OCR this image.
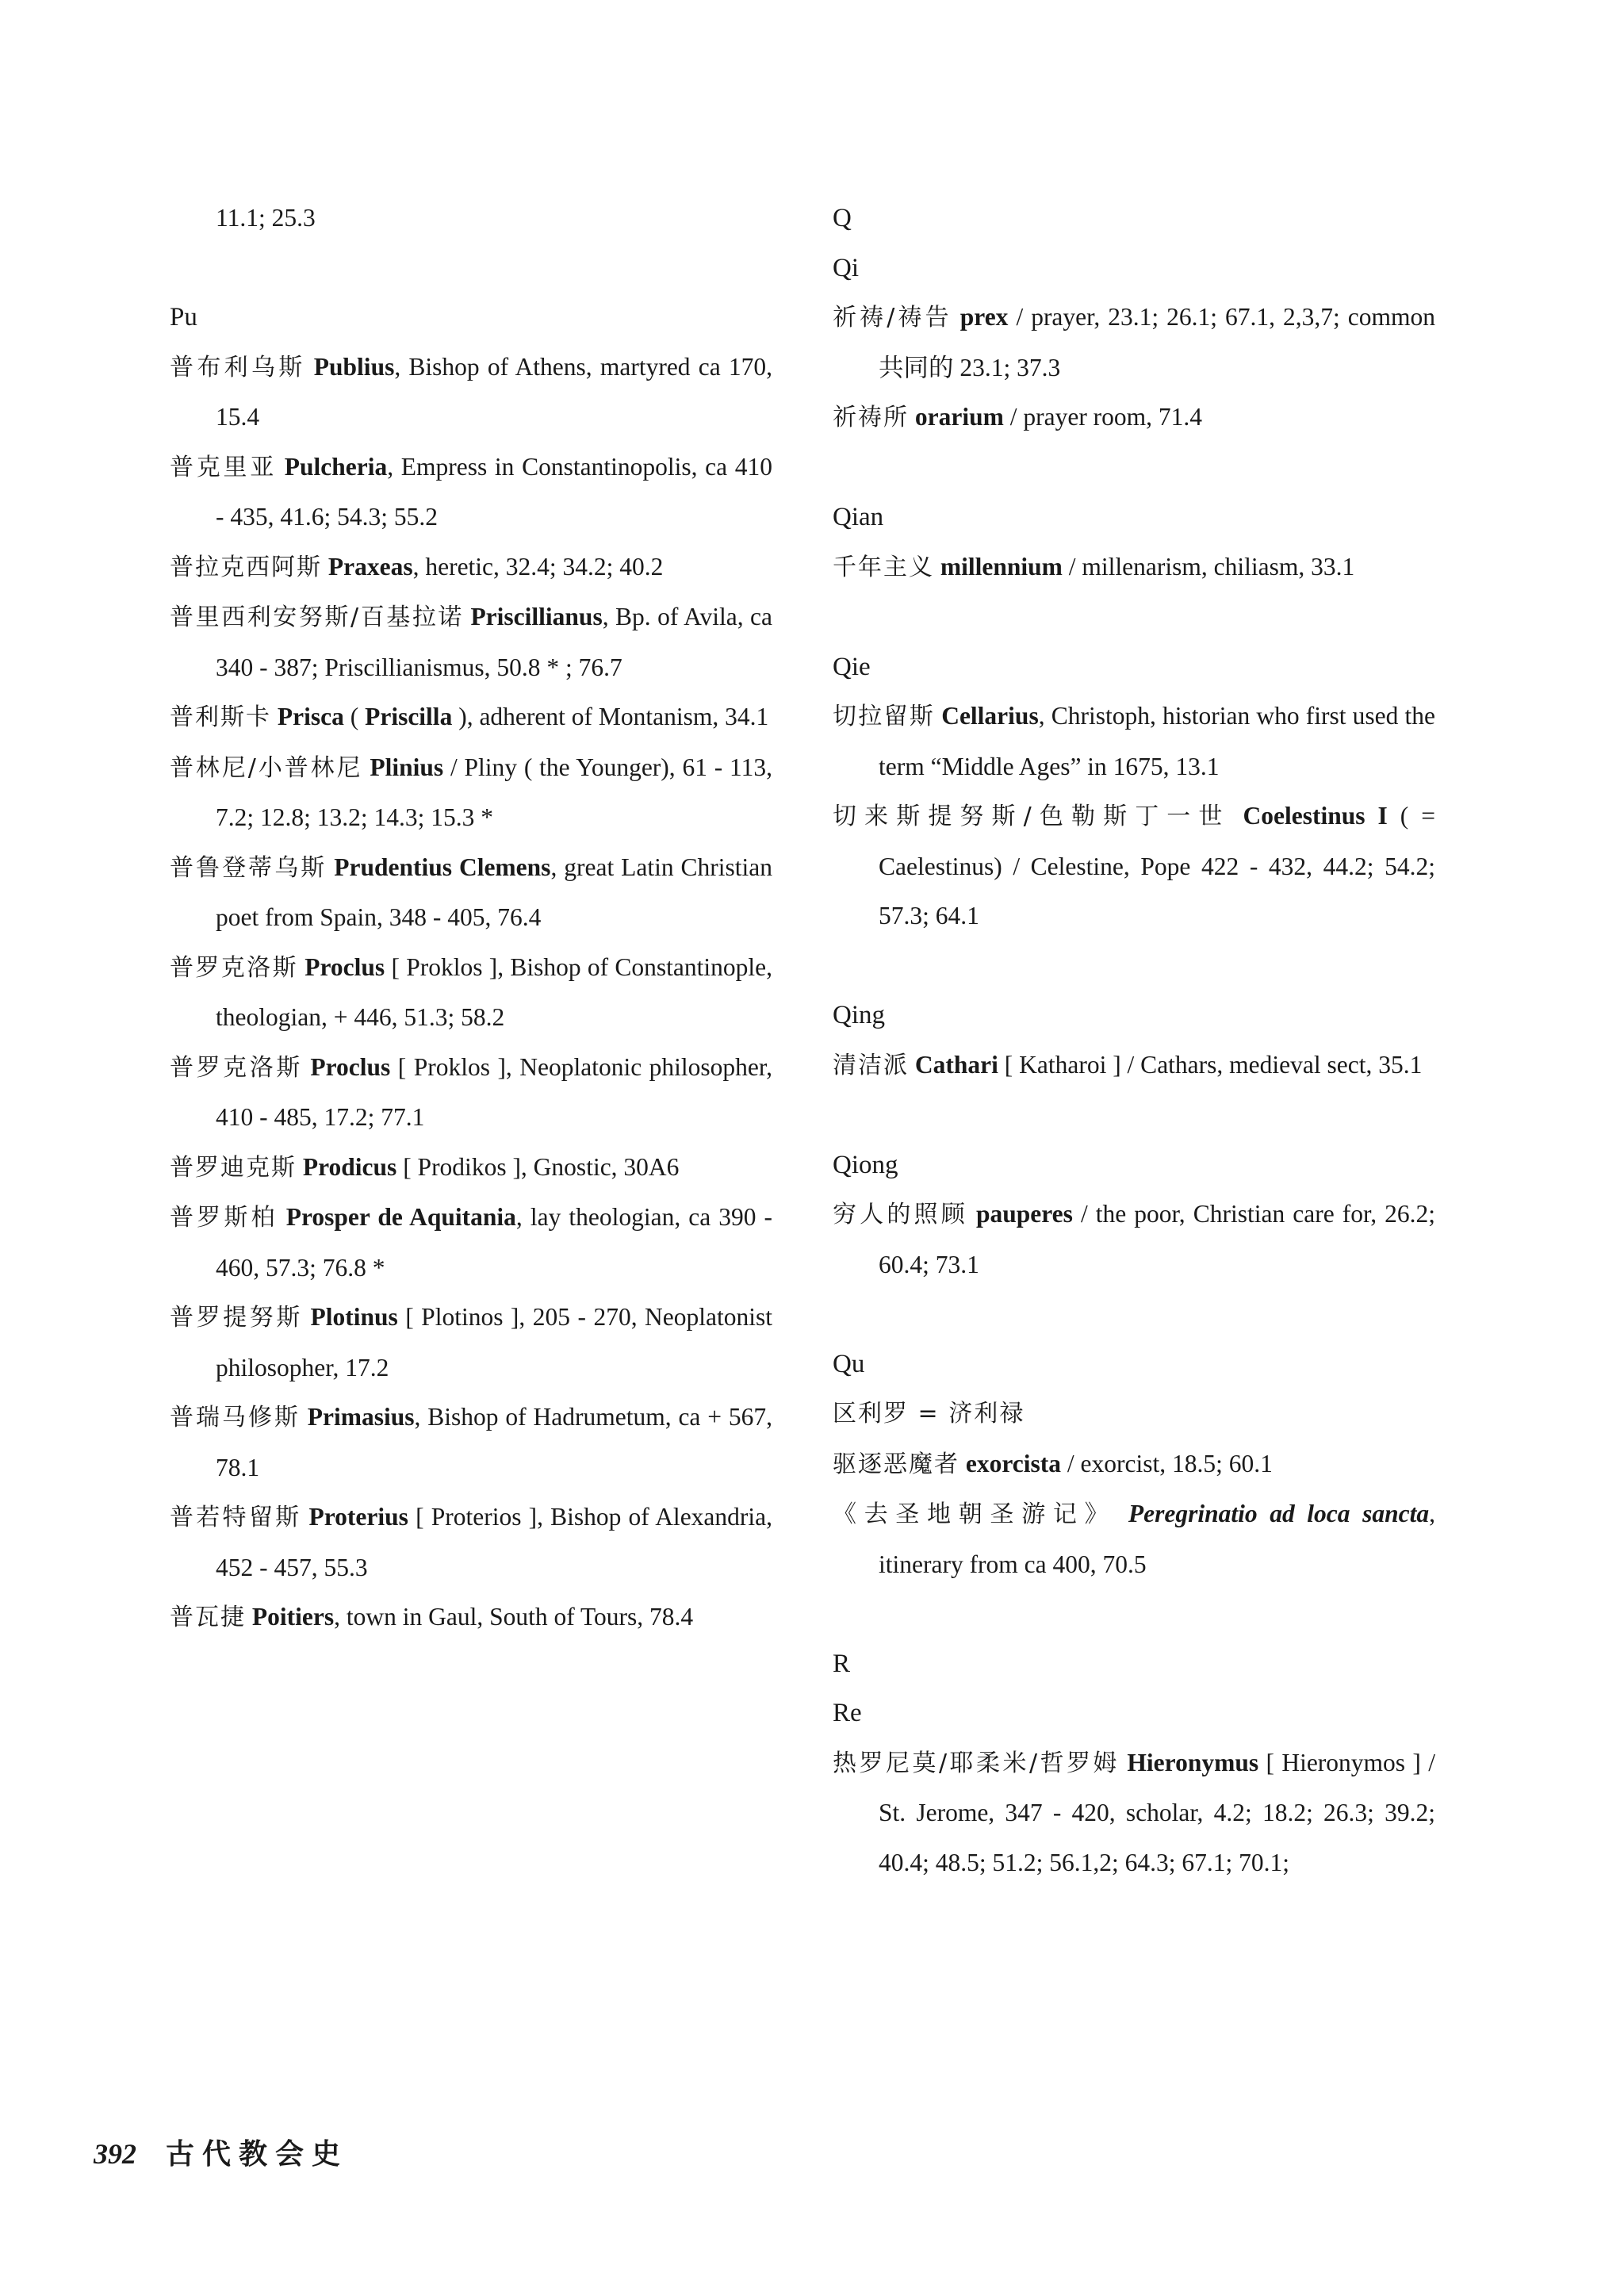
11.1; 25.3

Pu

普布利乌斯 Publius, Bishop of Athens, martyred ca 170, 15.4

普克里亚 Pulcheria, Empress in Constantinopolis, ca 410 - 435, 41.6; 54.3; 55.2

普拉克西阿斯 Praxeas, heretic, 32.4; 34.2; 40.2

普里西利安努斯/百基拉诺 Priscillianus, Bp. of Avila, ca 340 - 387; Priscillianismus, 50.8 * ; 76.7

普利斯卡 Prisca ( Priscilla ), adherent of Montanism, 34.1

普林尼/小普林尼 Plinius / Pliny ( the Younger), 61 - 113, 7.2; 12.8; 13.2; 14.3; 15.3 *

普鲁登蒂乌斯 Prudentius Clemens, great Latin Christian poet from Spain, 348 - 405, 76.4

普罗克洛斯 Proclus [ Proklos ], Bishop of Constantinople, theologian, + 446, 51.3; 58.2

普罗克洛斯 Proclus [ Proklos ], Neoplatonic philosopher, 410 - 485, 17.2; 77.1

普罗迪克斯 Prodicus [ Prodikos ], Gnostic, 30A6

普罗斯柏 Prosper de Aquitania, lay theologian, ca 390 - 460, 57.3; 76.8 *

普罗提努斯 Plotinus [ Plotinos ], 205 - 270, Neoplatonist philosopher, 17.2

普瑞马修斯 Primasius, Bishop of Hadrumetum, ca + 567, 78.1

普若特留斯 Proterius [ Proterios ], Bishop of Alexandria, 452 - 457, 55.3

普瓦捷 Poitiers, town in Gaul, South of Tours, 78.4

Q

Qi

祈祷/祷告 prex / prayer, 23.1; 26.1; 67.1, 2,3,7; common 共同的 23.1; 37.3

祈祷所 orarium / prayer room, 71.4

Qian

千年主义 millennium / millenarism, chiliasm, 33.1

Qie

切拉留斯 Cellarius, Christoph, historian who first used the term “Middle Ages” in 1675, 13.1

切来斯提努斯/色勒斯丁一世 Coelestinus I ( = Caelestinus) / Celestine, Pope 422 - 432, 44.2; 54.2; 57.3; 64.1

Qing

清洁派 Cathari [ Katharoi ] / Cathars, medieval sect, 35.1

Qiong

穷人的照顾 pauperes / the poor, Christian care for, 26.2; 60.4; 73.1

Qu

区利罗 = 济利禄

驱逐恶魔者 exorcista / exorcist, 18.5; 60.1

《去圣地朝圣游记》 Peregrinatio ad loca sancta, itinerary from ca 400, 70.5

R

Re

热罗尼莫/耶柔米/哲罗姆 Hieronymus [ Hieronymos ] / St. Jerome, 347 - 420, scholar, 4.2; 18.2; 26.3; 39.2; 40.4; 48.5; 51.2; 56.1,2; 64.3; 67.1; 70.1;

392 古代教会史
